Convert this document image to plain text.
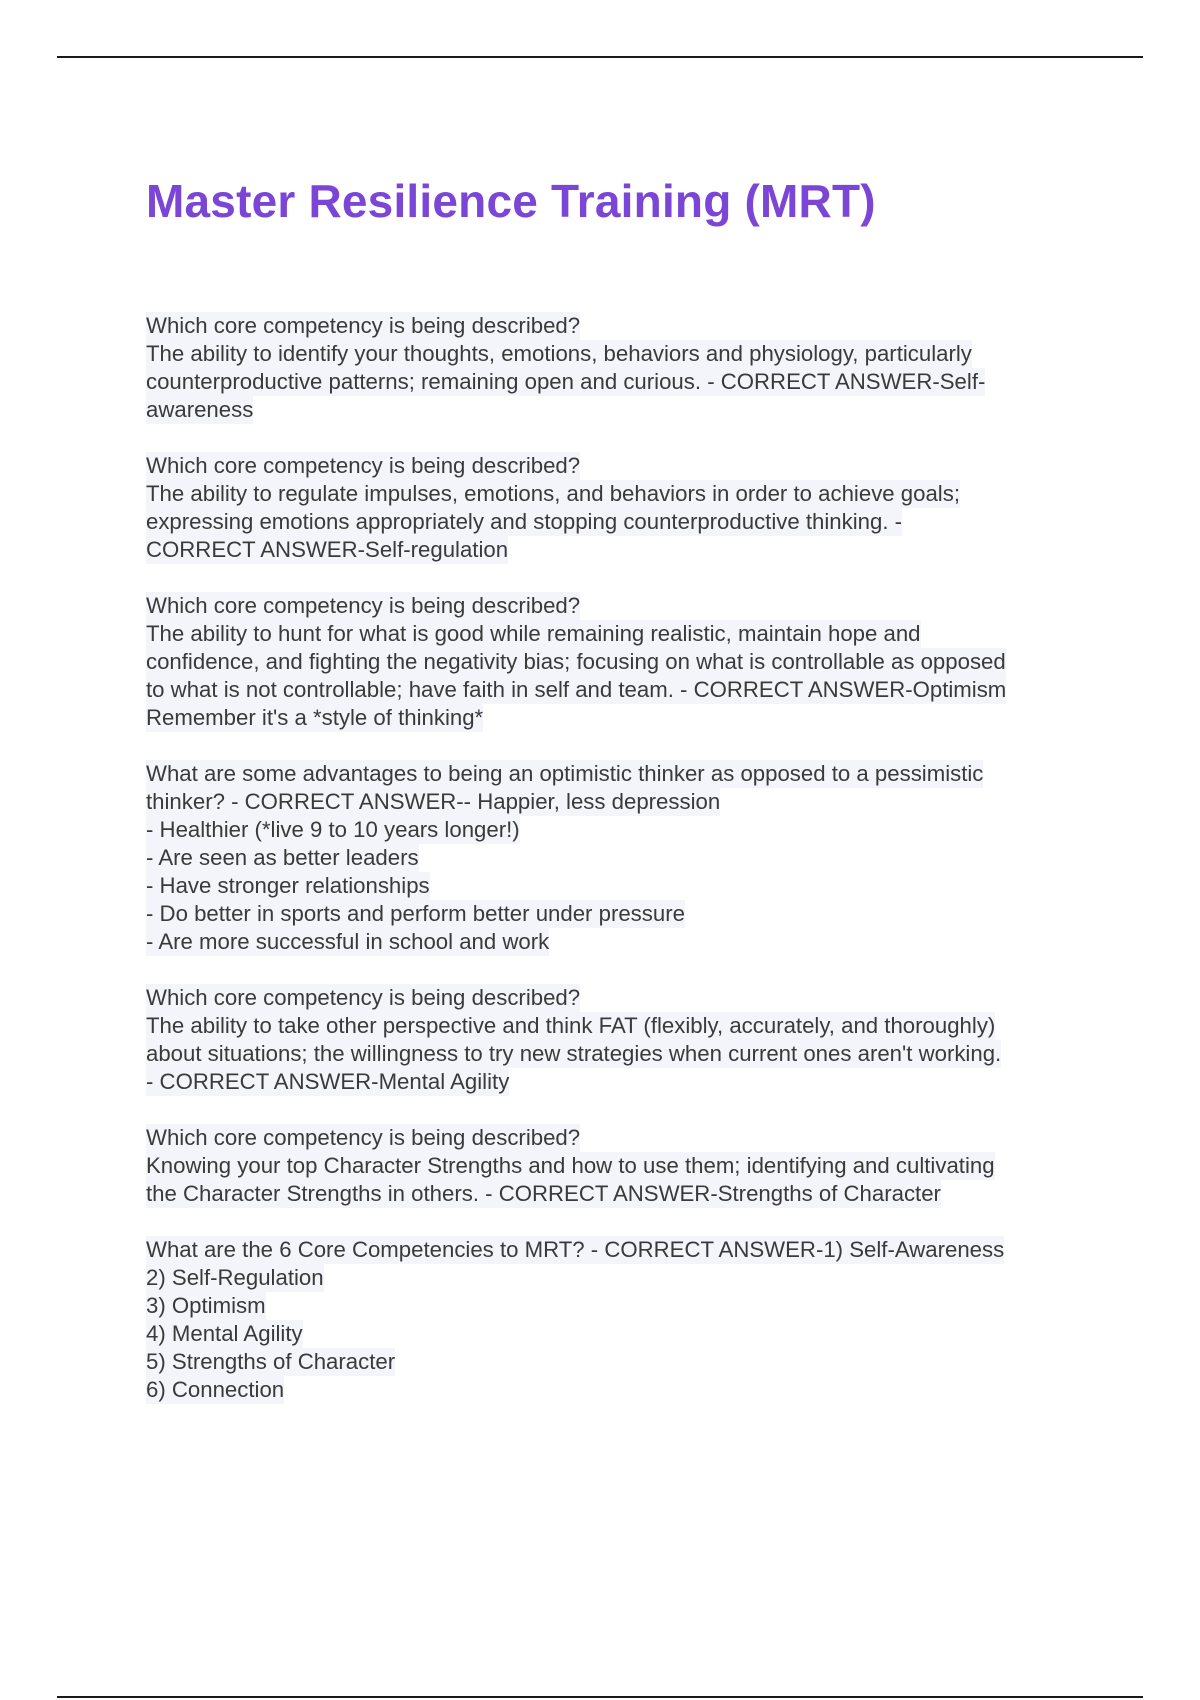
Master Resilience Training (MRT)

Which core competency is being described?

The ability to identify your thoughts, emotions, behaviors and physiology, particularly

counterproductive patterns; remaining open and curious. - CORRECT ANSWER-Self-

awareness

Which core competency is being described?

The ability to regulate impulses, emotions, and behaviors in order to achieve goals;

expressing emotions appropriately and stopping counterproductive thinking. -

CORRECT ANSWER-Self-regulation

Which core competency is being described?

The ability to hunt for what is good while remaining realistic, maintain hope and

confidence, and fighting the negativity bias; focusing on what is controllable as opposed

to what is not controllable; have faith in self and team. - CORRECT ANSWER-Optimism

Remember it's a *style of thinking*

What are some advantages to being an optimistic thinker as opposed to a pessimistic

thinker? - CORRECT ANSWER-- Happier, less depression

- Healthier (*live 9 to 10 years longer!)

- Are seen as better leaders

- Have stronger relationships

- Do better in sports and perform better under pressure

- Are more successful in school and work

Which core competency is being described?

The ability to take other perspective and think FAT (flexibly, accurately, and thoroughly)

about situations; the willingness to try new strategies when current ones aren't working.

- CORRECT ANSWER-Mental Agility

Which core competency is being described?

Knowing your top Character Strengths and how to use them; identifying and cultivating

the Character Strengths in others. - CORRECT ANSWER-Strengths of Character

What are the 6 Core Competencies to MRT? - CORRECT ANSWER-1) Self-Awareness

2) Self-Regulation

3) Optimism

4) Mental Agility

5) Strengths of Character

6) Connection
